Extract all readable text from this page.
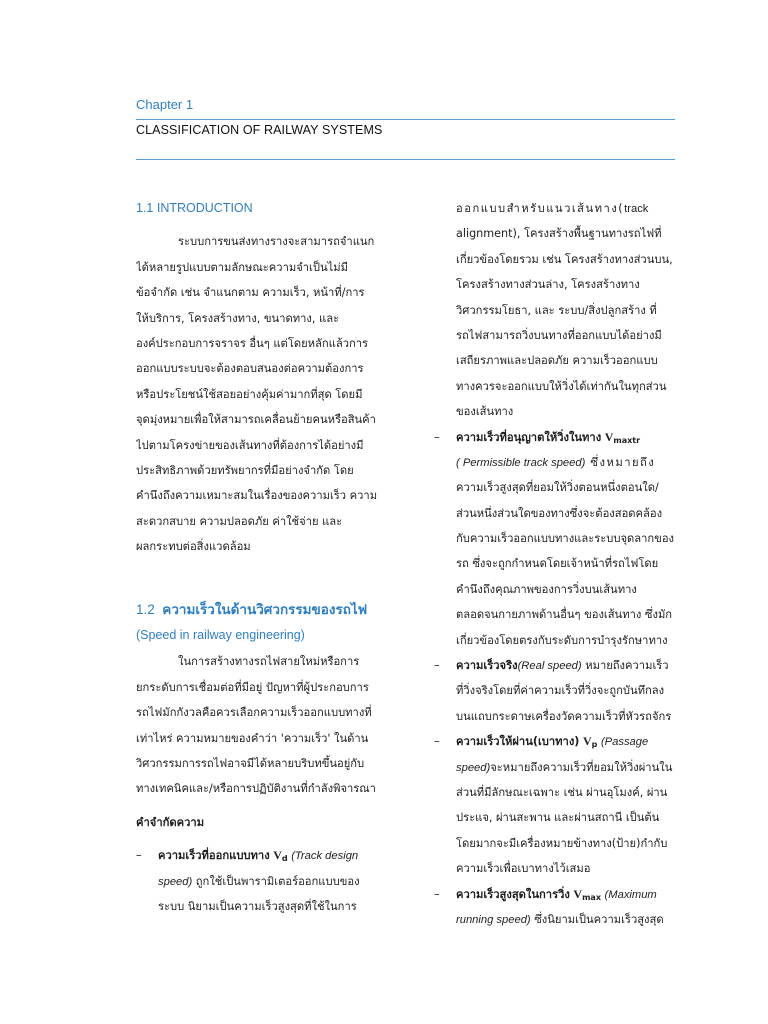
Chapter 1
CLASSIFICATION OF RAILWAY SYSTEMS
1.1 INTRODUCTION
ระบบการขนส่งทางรางจะสามารถจำแนก
ได้หลายรูปแบบตามลักษณะความจำเป็นไม่มี
ข้อจำกัด เช่น จำแนกตาม ความเร็ว, หน้าที่/การ
ให้บริการ, โครงสร้างทาง, ขนาดทาง, และ
องค์ประกอบการจราจร อื่นๆ แต่โดยหลักแล้วการ
ออกแบบระบบจะต้องตอบสนองต่อความต้องการ
หรือประโยชน์ใช้สอยอย่างคุ้มค่ามากที่สุด โดยมี
จุดมุ่งหมายเพื่อให้สามารถเคลื่อนย้ายคนหรือสินค้า
ไปตามโครงข่ายของเส้นทางที่ต้องการได้อย่างมี
ประสิทธิภาพด้วยทรัพยากรที่มีอย่างจำกัด โดย
คำนึงถึงความเหมาะสมในเรื่องของความเร็ว ความ
สะดวกสบาย ความปลอดภัย ค่าใช้จ่าย และ
ผลกระทบต่อสิ่งแวดล้อม
1.2 ความเร็วในด้านวิศวกรรมของรถไฟ
(Speed in railway engineering)
ในการสร้างทางรถไฟสายใหม่หรือการ
ยกระดับการเชื่อมต่อที่มีอยู่ ปัญหาที่ผู้ประกอบการ
รถไฟมักกังวลคือควรเลือกความเร็วออกแบบทางที่
เท่าไหร่ ความหมายของคำว่า 'ความเร็ว' ในด้าน
วิศวกรรมการรถไฟอาจมีได้หลายบริบทขึ้นอยู่กับ
ทางเทคนิคและ/หรือการปฏิบัติงานที่กำลังพิจารณา
คำจำกัดความ
–	ความเร็วที่ออกแบบทาง $V_d$ (Track design
speed) ถูกใช้เป็นพารามิเตอร์ออกแบบของ
ระบบ นิยามเป็นความเร็วสูงสุดที่ใช้ในการ
ออกแบบสำหรับแนวเส้นทาง(track
alignment), โครงสร้างพื้นฐานทางรถไฟที่
เกี่ยวข้องโดยรวม เช่น โครงสร้างทางส่วนบน,
โครงสร้างทางส่วนล่าง, โครงสร้างทาง
วิศวกรรมโยธา, และ ระบบ/สิ่งปลูกสร้าง ที่
รถไฟสามารถวิ่งบนทางที่ออกแบบได้อย่างมี
เสถียรภาพและปลอดภัย ความเร็วออกแบบ
ทางควรจะออกแบบให้วิ่งได้เท่ากันในทุกส่วน
ของเส้นทาง
–	ความเร็วที่อนุญาตให้วิ่งในทาง $V_{maxtr}$
( Permissible track speed) ซึ่งหมายถึง
ความเร็วสูงสุดที่ยอมให้วิ่งตอนหนึ่งตอนใด/
ส่วนหนึ่งส่วนใดของทางซึ่งจะต้องสอดคล้อง
กับความเร็วออกแบบทางและระบบจุดลากของ
รถ ซึ่งจะถูกกำหนดโดยเจ้าหน้าที่รถไฟโดย
คำนึงถึงคุณภาพของการวิ่งบนเส้นทาง
ตลอดจนกายภาพด้านอื่นๆ ของเส้นทาง ซึ่งมัก
เกี่ยวข้องโดยตรงกับระดับการบำรุงรักษาทาง
–	ความเร็วจริง(Real speed) หมายถึงความเร็ว
ที่วิ่งจริงโดยที่ค่าความเร็วที่วิ่งจะถูกบันทึกลง
บนแถบกระดาษเครื่องวัดความเร็วที่หัวรถจักร
–	ความเร็วให้ผ่าน(เบาทาง) $V_p$ (Passage
speed)จะหมายถึงความเร็วที่ยอมให้วิ่งผ่านใน
ส่วนที่มีลักษณะเฉพาะ เช่น ผ่านอุโมงค์, ผ่าน
ประแจ, ผ่านสะพาน และผ่านสถานี เป็นต้น
โดยมากจะมีเครื่องหมายข้างทาง(ป้าย)กำกับ
ความเร็วเพื่อเบาทางไว้เสมอ
–	ความเร็วสูงสุดในการวิ่ง $V_{max}$ (Maximum
running speed) ซึ่งนิยามเป็นความเร็วสูงสุด
